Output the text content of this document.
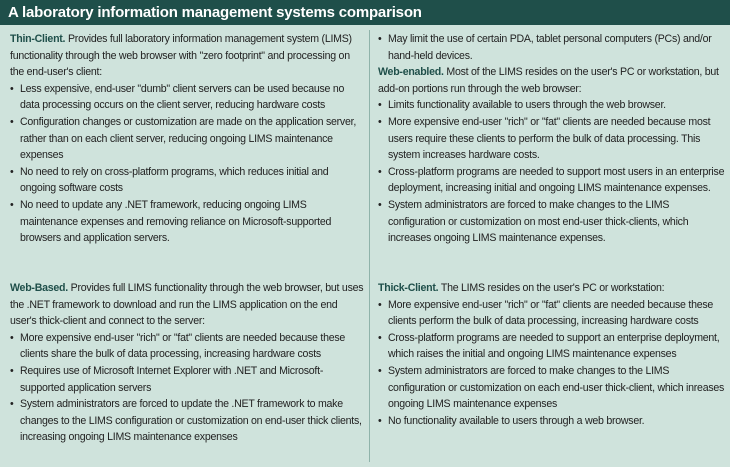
A laboratory information management systems comparison

Thin-Client. Provides full laboratory information management system (LIMS) functionality through the web browser with "zero footprint" and processing on the end-user's client:

• Less expensive, end-user "dumb" client servers can be used because no data processing occurs on the client server, reducing hardware costs
• Configuration changes or customization are made on the application server, rather than on each client server, reducing ongoing LIMS maintenance expenses
• No need to rely on cross-platform programs, which reduces initial and ongoing software costs
• No need to update any .NET framework, reducing ongoing LIMS maintenance expenses and removing reliance on Microsoft-supported browsers and application servers.
• May limit the use of certain PDA, tablet personal computers (PCs) and/or hand-held devices.

Web-enabled. Most of the LIMS resides on the user's PC or workstation, but add-on portions run through the web browser:

• Limits functionality available to users through the web browser.
• More expensive end-user "rich" or "fat" clients are needed because most users require these clients to perform the bulk of data processing. This system increases hardware costs.
• Cross-platform programs are needed to support most users in an enterprise deployment, increasing initial and ongoing LIMS maintenance expenses.
• System administrators are forced to make changes to the LIMS configuration or customization on most end-user thick-clients, which increases ongoing LIMS maintenance expenses.

Web-Based. Provides full LIMS functionality through the web browser, but uses the .NET framework to download and run the LIMS application on the end user's thick-client and connect to the server:

• More expensive end-user "rich" or "fat" clients are needed because these clients share the bulk of data processing, increasing hardware costs
• Requires use of Microsoft Internet Explorer with .NET and Microsoft-supported application servers
• System administrators are forced to update the .NET framework to make changes to the LIMS configuration or customization on end-user thick clients, increasing ongoing LIMS maintenance expenses

Thick-Client. The LIMS resides on the user's PC or workstation:

• More expensive end-user "rich" or "fat" clients are needed because these clients perform the bulk of data processing, increasing hardware costs
• Cross-platform programs are needed to support an enterprise deployment, which raises the initial and ongoing LIMS maintenance expenses
• System administrators are forced to make changes to the LIMS configuration or customization on each end-user thick-client, which inreases ongoing LIMS maintenance expenses
• No functionality available to users through a web browser.
